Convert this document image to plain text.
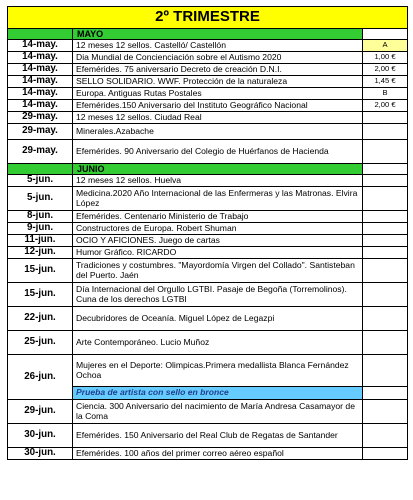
2º TRIMESTRE		
	MAYO	
14-may.	12 meses 12 sellos. Castelló/ Castellón	A
14-may.	Dia Mundial de Concienciación sobre el Autismo 2020	1,00 €
14-may.	Efemérides. 75 aniversario Decreto de creación D.N.I.	2,00 €
14-may.	SELLO SOLIDARIO. WWF. Protección de la naturaleza	1,45 €
14-may.	Europa. Antiguas Rutas Postales	B
14-may.	Efemérides.150 Aniversario del Instituto Geográfico Nacional	2,00 €
29-may.	12 meses 12 sellos. Ciudad Real	
29-may.	Minerales.Azabache	
29-may.	Efemérides. 90 Aniversario del Colegio de Huérfanos de Hacienda	
	JUNIO	
5-jun.	12 meses 12 sellos. Huelva	
5-jun.	Medicina.2020 Año Internacional de las Enfermeras y las Matronas. Elvira López	
8-jun.	Efemérides. Centenario Ministerio de Trabajo	
9-jun.	Constructores de Europa. Robert Shuman	
11-jun.	OCIO Y AFICIONES. Juego de cartas	
12-jun.	Humor Gráfico. RICARDO	
15-jun.	Tradiciones y costumbres. "Mayordomía Virgen del Collado". Santisteban del Puerto. Jaén	
15-jun.	Día Internacional del Orgullo LGTBI. Pasaje de Begoña (Torremolinos). Cuna de los derechos LGTBI	
22-jun.	Decubridores de Oceanía. Miguel López de Legazpi	
25-jun.	Arte Contemporáneo. Lucio Muñoz	
26-jun.	Mujeres en el Deporte: Olimpicas.Primera medallista Blanca Fernández Ochoa	
	Prueba de artista con sello en bronce	
29-jun.	Ciencia. 300 Aniversario del nacimiento de María Andresa Casamayor de la Coma	
30-jun.	Efemérides. 150 Aniversario del Real Club de Regatas de Santander	
30-jun.	Efemérides. 100 años del primer correo aéreo español	
